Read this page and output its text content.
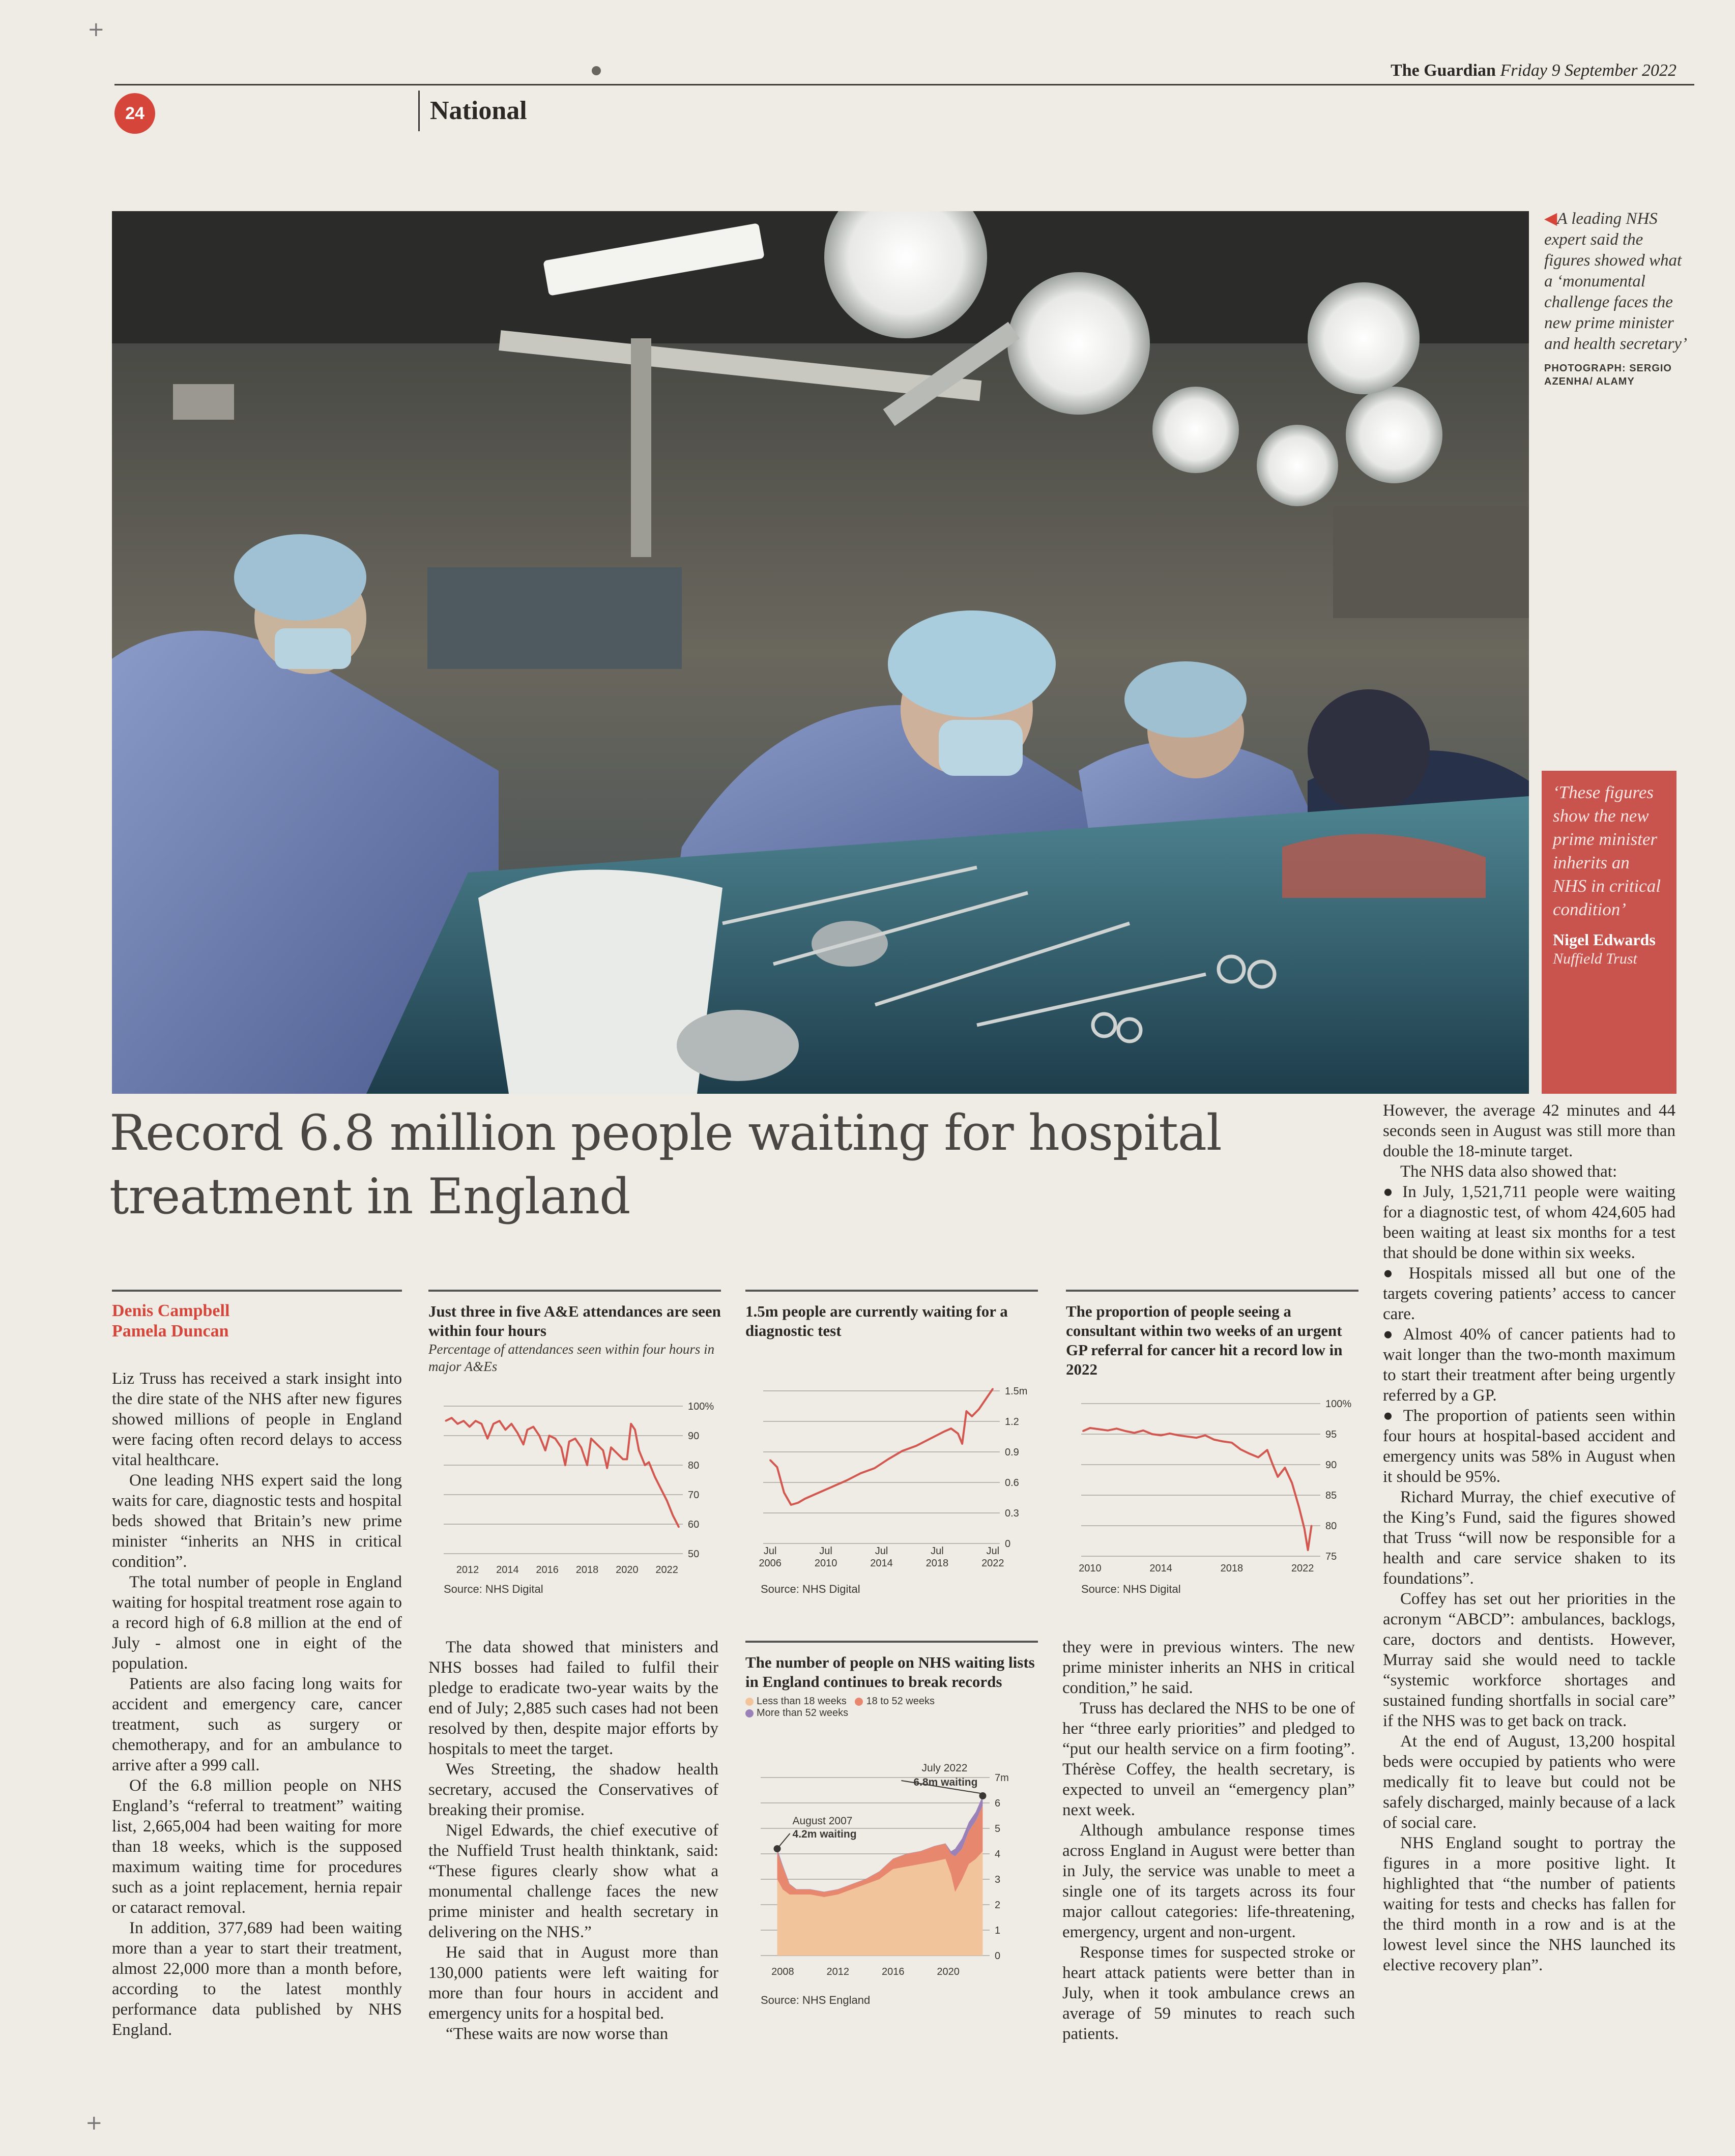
+
+
The Guardian Friday 9 September 2022
24	National
◀A leading NHS expert said the figures showed what a ‘monumental challenge faces the new prime minister and health secretary’
PHOTOGRAPH: SERGIO AZENHA/ ALAMY
‘These figures show the new prime minister inherits an NHS in critical condition’
Nigel Edwards
Nuffield Trust
Record 6.8 million people waiting for hospital treatment in England
Denis Campbell
Pamela Duncan

Liz Truss has received a stark insight into the dire state of the NHS after new figures showed millions of people in England were facing often record delays to access vital healthcare.

One leading NHS expert said the long waits for care, diagnostic tests and hospital beds showed that Britain’s new prime minister “inherits an NHS in critical condition”.

The total number of people in England waiting for hospital treatment rose again to a record high of 6.8 million at the end of July - almost one in eight of the population.

Patients are also facing long waits for accident and emergency care, cancer treatment, such as surgery or chemotherapy, and for an ambulance to arrive after a 999 call.

Of the 6.8 million people on NHS England’s “referral to treatment” waiting list, 2,665,004 had been waiting for more than 18 weeks, which is the supposed maximum waiting time for procedures such as a joint replacement, hernia repair or cataract removal.

In addition, 377,689 had been waiting more than a year to start their treatment, almost 22,000 more than a month before, according to the latest monthly performance data published by NHS England.

The data showed that ministers and NHS bosses had failed to fulfil their pledge to eradicate two-year waits by the end of July; 2,885 such cases had not been resolved by then, despite major efforts by hospitals to meet the target.

Wes Streeting, the shadow health secretary, accused the Conservatives of breaking their promise.

Nigel Edwards, the chief executive of the Nuffield Trust health thinktank, said: “These figures clearly show what a monumental challenge faces the new prime minister and health secretary in delivering on the NHS.”

He said that in August more than 130,000 patients were left waiting for more than four hours in accident and emergency units for a hospital bed.

“These waits are now worse than

they were in previous winters. The new prime minister inherits an NHS in critical condition,” he said.

Truss has declared the NHS to be one of her “three early priorities” and pledged to “put our health service on a firm footing”. Thérèse Coffey, the health secretary, is expected to unveil an “emergency plan” next week.

Although ambulance response times across England in August were better than in July, the service was unable to meet a single one of its targets across its four major callout categories: life-threatening, emergency, urgent and non-urgent.

Response times for suspected stroke or heart attack patients were better than in July, when it took ambulance crews an average of 59 minutes to reach such patients.

However, the average 42 minutes and 44 seconds seen in August was still more than double the 18-minute target.

The NHS data also showed that:

● In July, 1,521,711 people were waiting for a diagnostic test, of whom 424,605 had been waiting at least six months for a test that should be done within six weeks.

● Hospitals missed all but one of the targets covering patients’ access to cancer care.

● Almost 40% of cancer patients had to wait longer than the two-month maximum to start their treatment after being urgently referred by a GP.

● The proportion of patients seen within four hours at hospital-based accident and emergency units was 58% in August when it should be 95%.

Richard Murray, the chief executive of the King’s Fund, said the figures showed that Truss “will now be responsible for a health and care service shaken to its foundations”.

Coffey has set out her priorities in the acronym “ABCD”: ambulances, backlogs, care, doctors and dentists. However, Murray said she would need to tackle “systemic workforce shortages and sustained funding shortfalls in social care” if the NHS was to get back on track.

At the end of August, 13,200 hospital beds were occupied by patients who were medically fit to leave but could not be safely discharged, mainly because of a lack of social care.

NHS England sought to portray the figures in a more positive light. It highlighted that “the number of patients waiting for tests and checks has fallen for the third month in a row and is at the lowest level since the NHS launched its elective recovery plan”.

Just three in five A&E attendances are seen within four hours
Percentage of attendances seen within four hours in major A&Es
100%
90
80
70
60
50
2012 2014 2016 2018 2020 2022
Source: NHS Digital
1.5m people are currently waiting for a diagnostic test
1.5m
1.2
0.9
0.6
0.3
0
Jul 2006
Jul 2010
Jul 2014
Jul 2018
Jul 2022
Source: NHS Digital
The proportion of people seeing a consultant within two weeks of an urgent GP referral for cancer hit a record low in 2022
100%
95
90
85
80
75
2010	2014	2018	2022
Source: NHS Digital
The number of people on NHS waiting lists in England continues to break records
Less than 18 weeks 18 to 52 weeks
More than 52 weeks
7m
6
5
4
3
2
1
0
2008	2012	2016	2020
July 2022
6.8m waiting
August 2007
4.2m waiting
Source: NHS England
